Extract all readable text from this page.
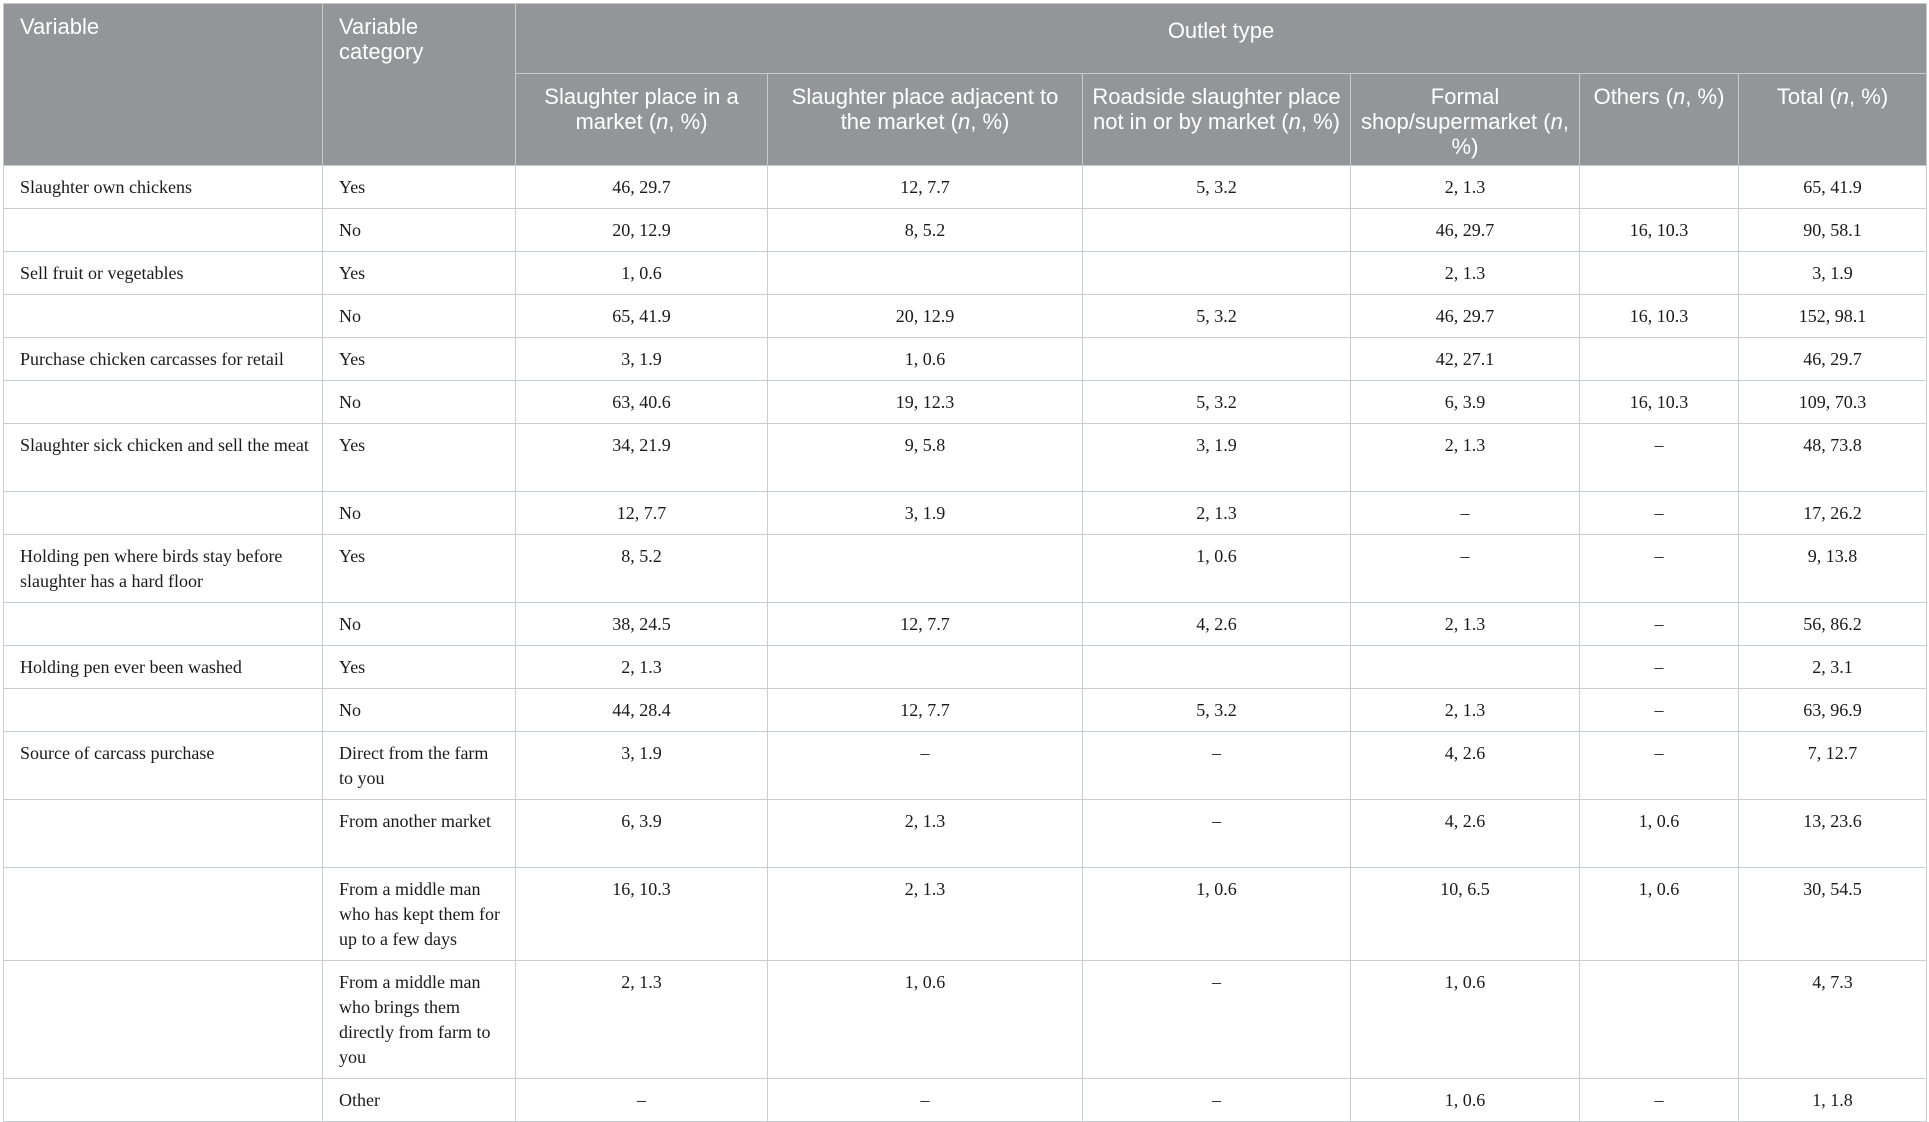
Variable	Variable category	Outlet type					
		Slaughter place in a market (n, %)	Slaughter place adjacent to the market (n, %)	Roadside slaughter place not in or by market (n, %)	Formal shop/supermarket (n, %)	Others (n, %)	Total (n, %)
Slaughter own chickens	Yes	46, 29.7	12, 7.7	5, 3.2	2, 1.3		65, 41.9
	No	20, 12.9	8, 5.2		46, 29.7	16, 10.3	90, 58.1
Sell fruit or vegetables	Yes	1, 0.6			2, 1.3		3, 1.9
	No	65, 41.9	20, 12.9	5, 3.2	46, 29.7	16, 10.3	152, 98.1
Purchase chicken carcasses for retail	Yes	3, 1.9	1, 0.6		42, 27.1		46, 29.7
	No	63, 40.6	19, 12.3	5, 3.2	6, 3.9	16, 10.3	109, 70.3
Slaughter sick chicken and sell the meat	Yes	34, 21.9	9, 5.8	3, 1.9	2, 1.3	–	48, 73.8
	No	12, 7.7	3, 1.9	2, 1.3	–	–	17, 26.2
Holding pen where birds stay before slaughter has a hard floor	Yes	8, 5.2		1, 0.6	–	–	9, 13.8
	No	38, 24.5	12, 7.7	4, 2.6	2, 1.3	–	56, 86.2
Holding pen ever been washed	Yes	2, 1.3				–	2, 3.1
	No	44, 28.4	12, 7.7	5, 3.2	2, 1.3	–	63, 96.9
Source of carcass purchase	Direct from the farm to you	3, 1.9	–	–	4, 2.6	–	7, 12.7
	From another market	6, 3.9	2, 1.3	–	4, 2.6	1, 0.6	13, 23.6
	From a middle man who has kept them for up to a few days	16, 10.3	2, 1.3	1, 0.6	10, 6.5	1, 0.6	30, 54.5
	From a middle man who brings them directly from farm to you	2, 1.3	1, 0.6	–	1, 0.6		4, 7.3
	Other	–	–	–	1, 0.6	–	1, 1.8
